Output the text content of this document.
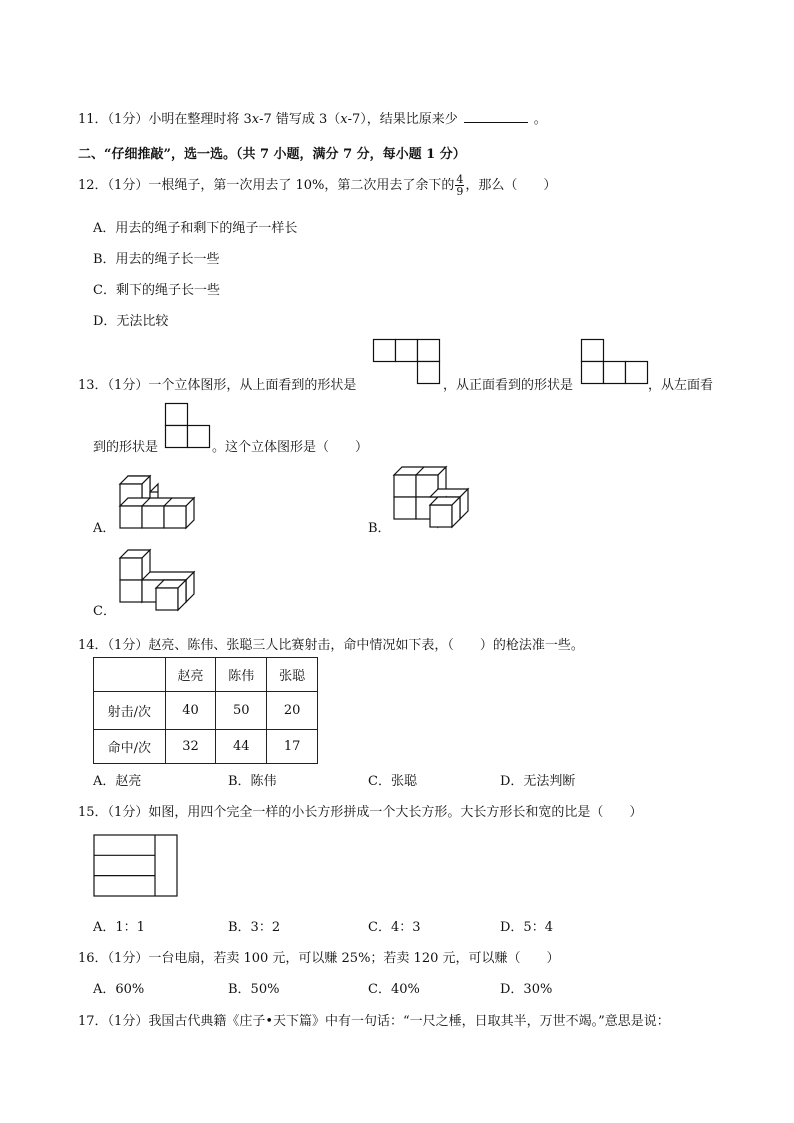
11．（1分）小明在整理时将 3x-7 错写成 3（x-7），结果比原来少	。
二、“仔细推敲”，选一选。（共 7 小题，满分 7 分，每小题 1 分）
12．（1分）一根绳子，第一次用去了 10%，第二次用去了余下的 $\frac{4}{9}$ ，那么（　　）
A．用去的绳子和剩下的绳子一样长
B．用去的绳子长一些
C．剩下的绳子长一些
D．无法比较
13．（1分）一个立体图形，从上面看到的形状是	，从正面看到的形状是	，从左面看
到的形状是	。这个立体图形是（　　）
A．	B．
C．
14．（1分）赵亮、陈伟、张聪三人比赛射击，命中情况如下表，（　　）的枪法准一些。
	赵亮	陈伟	张聪
射击/次	40	50	20
命中/次	32	44	17
A．赵亮	B．陈伟	C．张聪	D．无法判断
15．（1分）如图，用四个完全一样的小长方形拼成一个大长方形。大长方形长和宽的比是（　　）
A．1：1	B．3：2	C．4：3	D．5：4
16．（1分）一台电扇，若卖 100 元，可以赚 25%；若卖 120 元，可以赚（　　）
A．60%	B．50%	C．40%	D．30%
17．（1分）我国古代典籍《庄子•天下篇》中有一句话：“一尺之棰，日取其半，万世不竭。”意思是说：
